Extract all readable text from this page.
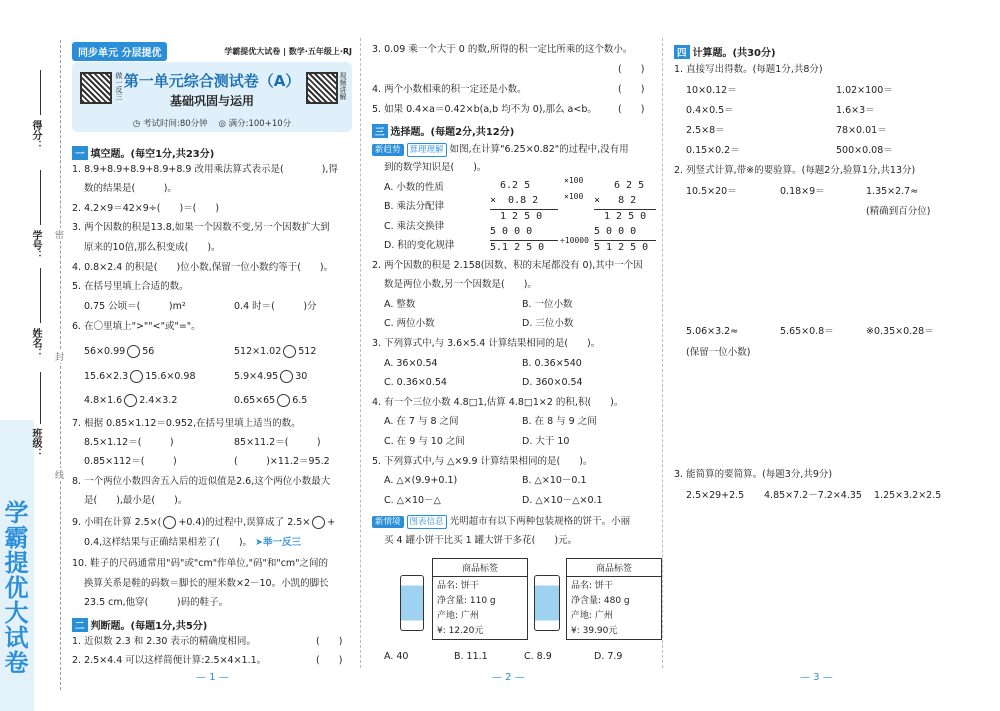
学霸提优大试卷
密
封
线
得分：
学号：
姓名：
班级：
同步单元 分层提优	学霸提优大试卷 | 数学·五年级上·RJ
做一反三	视频讲解
第一单元综合测试卷（A）
基础巩固与运用
◷ 考试时间:80分钟 ◎ 满分:100+10分
一 填空题。(每空1分,共23分)
1. 8.9+8.9+8.9+8.9+8.9 改用乘法算式表示是(　　　　),得
数的结果是(　　　)。
2. 4.2×9＝42×9÷(　　)＝(　　)
3. 两个因数的积是13.8,如果一个因数不变,另一个因数扩大到
原来的10倍,那么积变成(　　)。
4. 0.8×2.4 的积是(　　)位小数,保留一位小数约等于(　　)。
5. 在括号里填上合适的数。
0.75 公顷＝(　　　)m²	0.4 时＝(　　　)分
6. 在〇里填上">""<"或"="。
56×0.99 56	512×1.02 512
15.6×2.3 15.6×0.98	5.9×4.95 30
4.8×1.6 2.4×3.2	0.65×65 6.5
7. 根据 0.85×1.12＝0.952,在括号里填上适当的数。
8.5×1.12＝(　　　)	85×11.2＝(　　　)
0.85×112＝(　　　)	(　　　)×11.2＝95.2
8. 一个两位小数四舍五入后的近似值是2.6,这个两位小数最大
是(　　),最小是(　　)。
9. 小明在计算 2.5×( +0.4)的过程中,误算成了 2.5× +
0.4,这样结果与正确结果相差了(　　)。 ➤举一反三
10. 鞋子的尺码通常用"码"或"cm"作单位,"码"和"cm"之间的
换算关系是鞋的码数＝脚长的厘米数×2－10。小凯的脚长
23.5 cm,他穿(　　　)码的鞋子。
二 判断题。(每题1分,共5分)
1. 近似数 2.3 和 2.30 表示的精确度相同。	(　　)
2. 2.5×4.4 可以这样简便计算:2.5×4×1.1。	(　　)
— 1 —
3. 0.09 乘一个大于 0 的数,所得的积一定比所乘的这个数小。
(　　)
4. 两个小数相乘的积一定还是小数。	(　　)
5. 如果 0.4×a＝0.42×b(a,b 均不为 0),那么 a<b。 (　　)
三 选择题。(每题2分,共12分)
新趋势 算理理解 如图,在计算"6.25×0.82"的过程中,没有用
到的数学知识是(　　)。
A. 小数的性质
B. 乘法分配律
C. 乘法交换律
D. 积的变化规律
6.2 5
×  0.8 2
1 2 5 0
5 0 0 0
5.1 2 5 0
×100
×100
÷10000
6 2 5
×   8 2
1 2 5 0
5 0 0 0
5 1 2 5 0
2. 两个因数的积是 2.158(因数、积的末尾都没有 0),其中一个因
数是两位小数,另一个因数是(　　)。
A. 整数	B. 一位小数
C. 两位小数	D. 三位小数
3. 下列算式中,与 3.6×5.4 计算结果相同的是(　　)。
A. 36×0.54	B. 0.36×540
C. 0.36×0.54	D. 360×0.54
4. 有一个三位小数 4.8□1,估算 4.8□1×2 的积,积(　　)。
A. 在 7 与 8 之间	B. 在 8 与 9 之间
C. 在 9 与 10 之间	D. 大于 10
5. 下列算式中,与 △×9.9 计算结果相同的是(　　)。
A. △×(9.9+0.1)	B. △×10－0.1
C. △×10－△	D. △×10－△×0.1
新情境 图表信息 光明超市有以下两种包装规格的饼干。小丽
买 4 罐小饼干比买 1 罐大饼干多花(　　)元。
商品标签
品名: 饼干
净含量: 110 g
产地: 广州
¥: 12.20元
商品标签
品名: 饼干
净含量: 480 g
产地: 广州
¥: 39.90元
A. 40	B. 11.1	C. 8.9	D. 7.9
— 2 —
四 计算题。(共30分)
1. 直接写出得数。(每题1分,共8分)
10×0.12＝	1.02×100＝
0.4×0.5＝	1.6×3＝
2.5×8＝	78×0.01＝
0.15×0.2＝	500×0.08＝
2. 列竖式计算,带※的要验算。(每题2分,验算1分,共13分)
10.5×20＝	0.18×9＝	1.35×2.7≈
(精确到百分位)
5.06×3.2≈	5.65×0.8＝	※0.35×0.28＝
(保留一位小数)
3. 能简算的要简算。(每题3分,共9分)
2.5×29+2.5 4.85×7.2－7.2×4.35 1.25×3.2×2.5
— 3 —
